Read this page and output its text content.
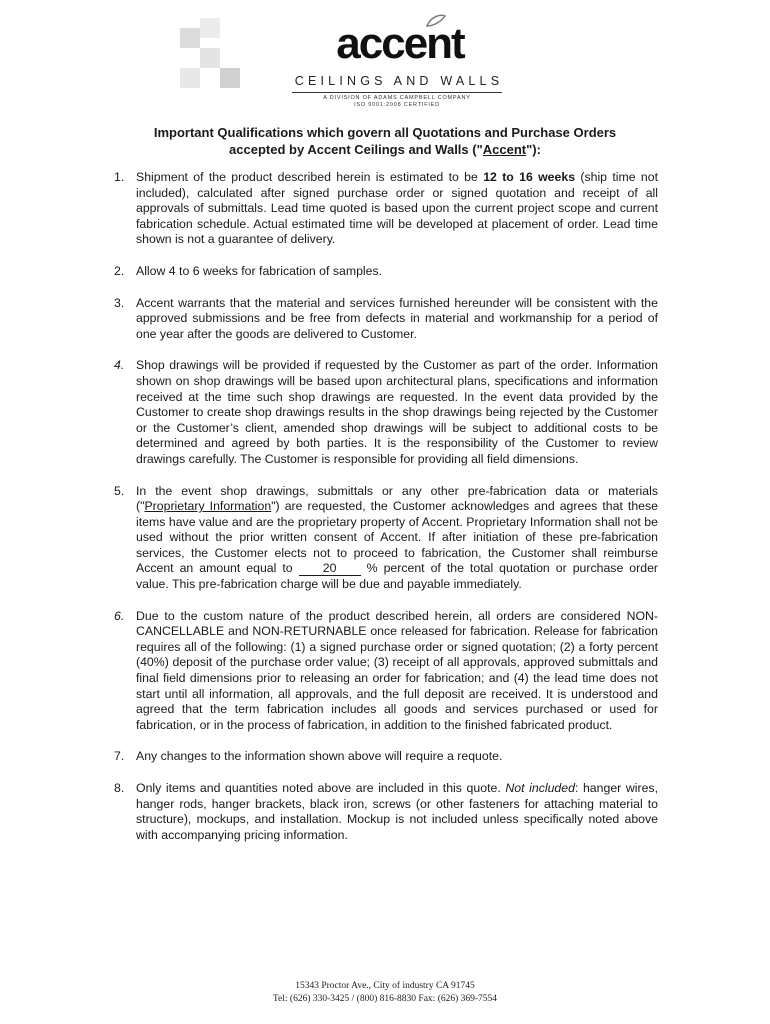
accent
CEILINGS AND WALLS
A DIVISION OF ADAMS CAMPBELL COMPANY
ISO 9001:2008 CERTIFIED
Important Qualifications which govern all Quotations and Purchase Orders
accepted by Accent Ceilings and Walls ("Accent"):
1. Shipment of the product described herein is estimated to be 12 to 16 weeks (ship time not included), calculated after signed purchase order or signed quotation and receipt of all approvals of submittals. Lead time quoted is based upon the current project scope and current fabrication schedule. Actual estimated time will be developed at placement of order. Lead time shown is not a guarantee of delivery.
2. Allow 4 to 6 weeks for fabrication of samples.
3. Accent warrants that the material and services furnished hereunder will be consistent with the approved submissions and be free from defects in material and workmanship for a period of one year after the goods are delivered to Customer.
4. Shop drawings will be provided if requested by the Customer as part of the order. Information shown on shop drawings will be based upon architectural plans, specifications and information received at the time such shop drawings are requested. In the event data provided by the Customer to create shop drawings results in the shop drawings being rejected by the Customer or the Customer’s client, amended shop drawings will be subject to additional costs to be determined and agreed by both parties. It is the responsibility of the Customer to review drawings carefully. The Customer is responsible for providing all field dimensions.
5. In the event shop drawings, submittals or any other pre-fabrication data or materials ("Proprietary Information") are requested, the Customer acknowledges and agrees that these items have value and are the proprietary property of Accent. Proprietary Information shall not be used without the prior written consent of Accent. If after initiation of these pre-fabrication services, the Customer elects not to proceed to fabrication, the Customer shall reimburse Accent an amount equal to 20 % percent of the total quotation or purchase order value. This pre-fabrication charge will be due and payable immediately.
6. Due to the custom nature of the product described herein, all orders are considered NON-CANCELLABLE and NON-RETURNABLE once released for fabrication. Release for fabrication requires all of the following: (1) a signed purchase order or signed quotation; (2) a forty percent (40%) deposit of the purchase order value; (3) receipt of all approvals, approved submittals and final field dimensions prior to releasing an order for fabrication; and (4) the lead time does not start until all information, all approvals, and the full deposit are received. It is understood and agreed that the term fabrication includes all goods and services purchased or used for fabrication, or in the process of fabrication, in addition to the finished fabricated product.
7. Any changes to the information shown above will require a requote.
8. Only items and quantities noted above are included in this quote. Not included: hanger wires, hanger rods, hanger brackets, black iron, screws (or other fasteners for attaching material to structure), mockups, and installation. Mockup is not included unless specifically noted above with accompanying pricing information.
15343 Proctor Ave., City of industry CA 91745
Tel: (626) 330-3425 / (800) 816-8830 Fax: (626) 369-7554
